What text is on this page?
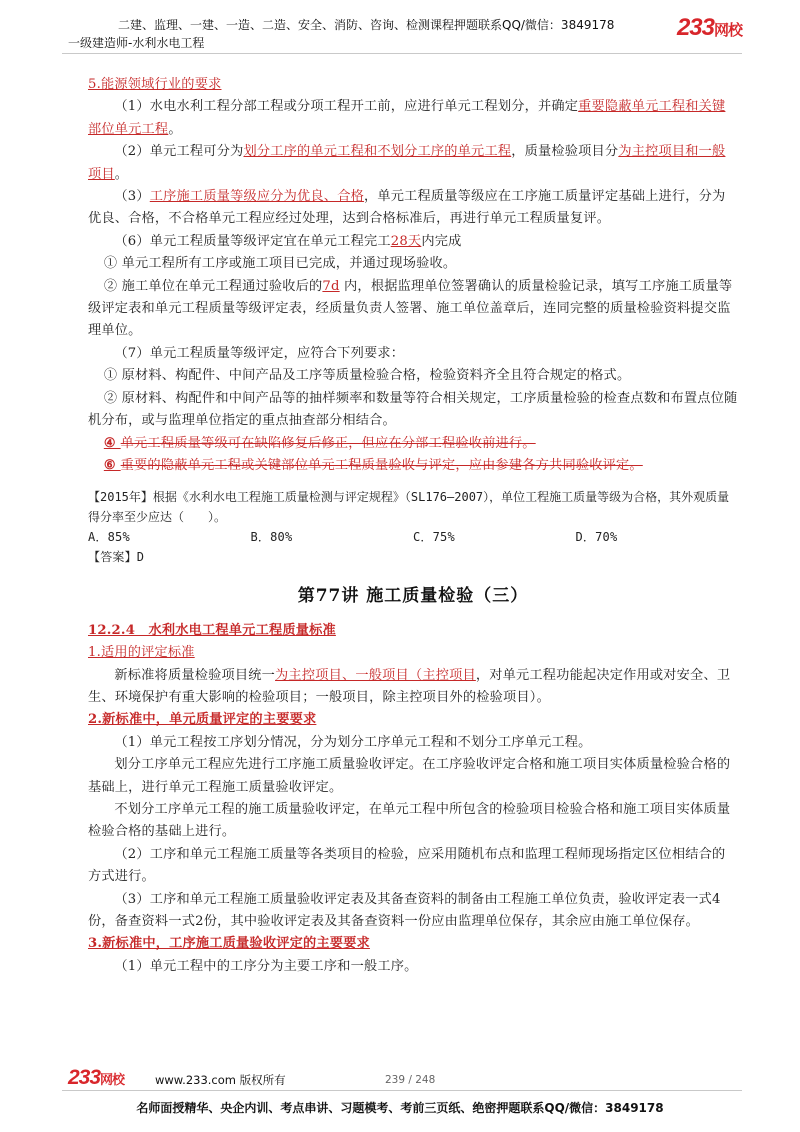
二建、监理、一建、一造、二造、安全、消防、咨询、检测课程押题联系QQ/微信：3849178
一级建造师-水利水电工程
233网校

5.能源领域行业的要求

（1）水电水利工程分部工程或分项工程开工前，应进行单元工程划分，并确定重要隐蔽单元工程和关键部位单元工程。

（2）单元工程可分为划分工序的单元工程和不划分工序的单元工程，质量检验项目分为主控项目和一般项目。

（3）工序施工质量等级应分为优良、合格，单元工程质量等级应在工序施工质量评定基础上进行，分为优良、合格，不合格单元工程应经过处理，达到合格标准后，再进行单元工程质量复评。

（6）单元工程质量等级评定宜在单元工程完工28天内完成

① 单元工程所有工序或施工项目已完成，并通过现场验收。

② 施工单位在单元工程通过验收后的7d 内，根据监理单位签署确认的质量检验记录，填写工序施工质量等级评定表和单元工程质量等级评定表，经质量负责人签署、施工单位盖章后，连同完整的质量检验资料提交监理单位。

（7）单元工程质量等级评定，应符合下列要求：

① 原材料、构配件、中间产品及工序等质量检验合格，检验资料齐全且符合规定的格式。

② 原材料、构配件和中间产品等的抽样频率和数量等符合相关规定，工序质量检验的检查点数和布置点位随机分布，或与监理单位指定的重点抽查部分相结合。

④ 单元工程质量等级可在缺陷修复后修正，但应在分部工程验收前进行。

⑥ 重要的隐蔽单元工程或关键部位单元工程质量验收与评定，应由参建各方共同验收评定。

【2015年】根据《水利水电工程施工质量检测与评定规程》（SL176—2007），单位工程施工质量等级为合格，其外观质量得分率至少应达（　　）。

A．85%	B．80%	C．75%	D．70%

【答案】D

第77讲 施工质量检验（三）

12.2.4　水利水电工程单元工程质量标准

1.适用的评定标准

新标准将质量检验项目统一为主控项目、一般项目（主控项目，对单元工程功能起决定作用或对安全、卫生、环境保护有重大影响的检验项目；一般项目，除主控项目外的检验项目）。

2.新标准中，单元质量评定的主要要求

（1）单元工程按工序划分情况，分为划分工序单元工程和不划分工序单元工程。

划分工序单元工程应先进行工序施工质量验收评定。在工序验收评定合格和施工项目实体质量检验合格的基础上，进行单元工程施工质量验收评定。

不划分工序单元工程的施工质量验收评定，在单元工程中所包含的检验项目检验合格和施工项目实体质量检验合格的基础上进行。

（2）工序和单元工程施工质量等各类项目的检验，应采用随机布点和监理工程师现场指定区位相结合的方式进行。

（3）工序和单元工程施工质量验收评定表及其备查资料的制备由工程施工单位负责，验收评定表一式4份，备查资料一式2份，其中验收评定表及其备查资料一份应由监理单位保存，其余应由施工单位保存。

3.新标准中，工序施工质量验收评定的主要要求

（1）单元工程中的工序分为主要工序和一般工序。

233网校	www.233.com 版权所有	239 / 248
名师面授精华、央企内训、考点串讲、习题模考、考前三页纸、绝密押题联系QQ/微信：3849178
